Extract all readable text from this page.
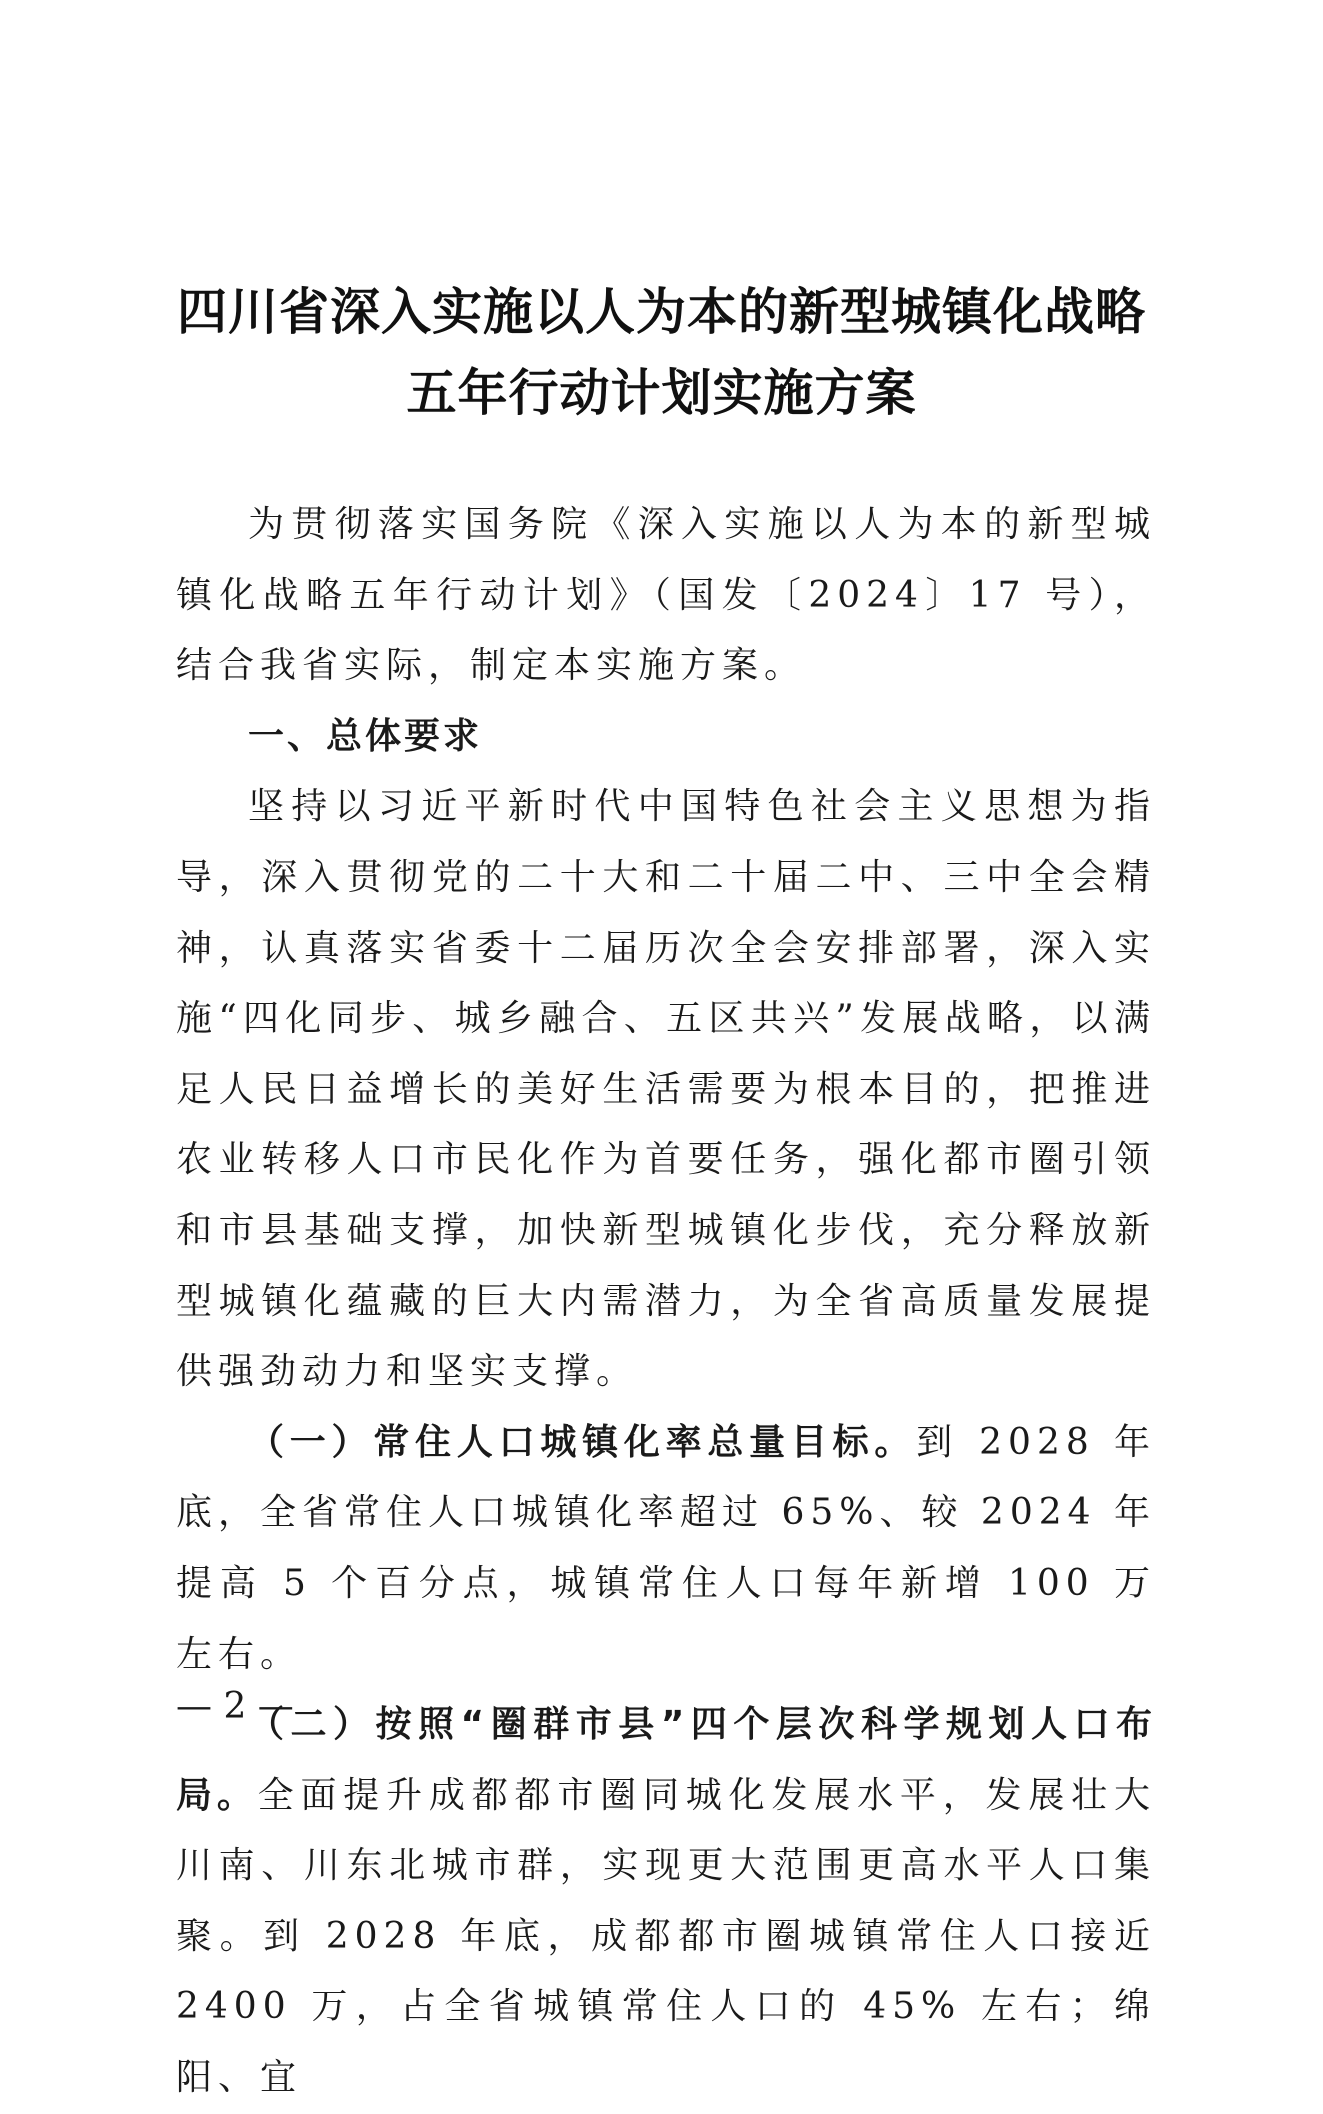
四川省深入实施以人为本的新型城镇化战略
五年行动计划实施方案

为贯彻落实国务院《深入实施以人为本的新型城镇化战略五年行动计划》（国发〔2024〕17 号），结合我省实际，制定本实施方案。

一、总体要求

坚持以习近平新时代中国特色社会主义思想为指导，深入贯彻党的二十大和二十届二中、三中全会精神，认真落实省委十二届历次全会安排部署，深入实施“四化同步、城乡融合、五区共兴”发展战略，以满足人民日益增长的美好生活需要为根本目的，把推进农业转移人口市民化作为首要任务，强化都市圈引领和市县基础支撑，加快新型城镇化步伐，充分释放新型城镇化蕴藏的巨大内需潜力，为全省高质量发展提供强劲动力和坚实支撑。

（一）常住人口城镇化率总量目标。到 2028 年底，全省常住人口城镇化率超过 65%、较 2024 年提高 5 个百分点，城镇常住人口每年新增 100 万左右。

（二）按照“圈群市县”四个层次科学规划人口布局。全面提升成都都市圈同城化发展水平，发展壮大川南、川东北城市群，实现更大范围更高水平人口集聚。到 2028 年底，成都都市圈城镇常住人口接近 2400 万，占全省城镇常住人口的 45% 左右；绵阳、宜

— 2 —
